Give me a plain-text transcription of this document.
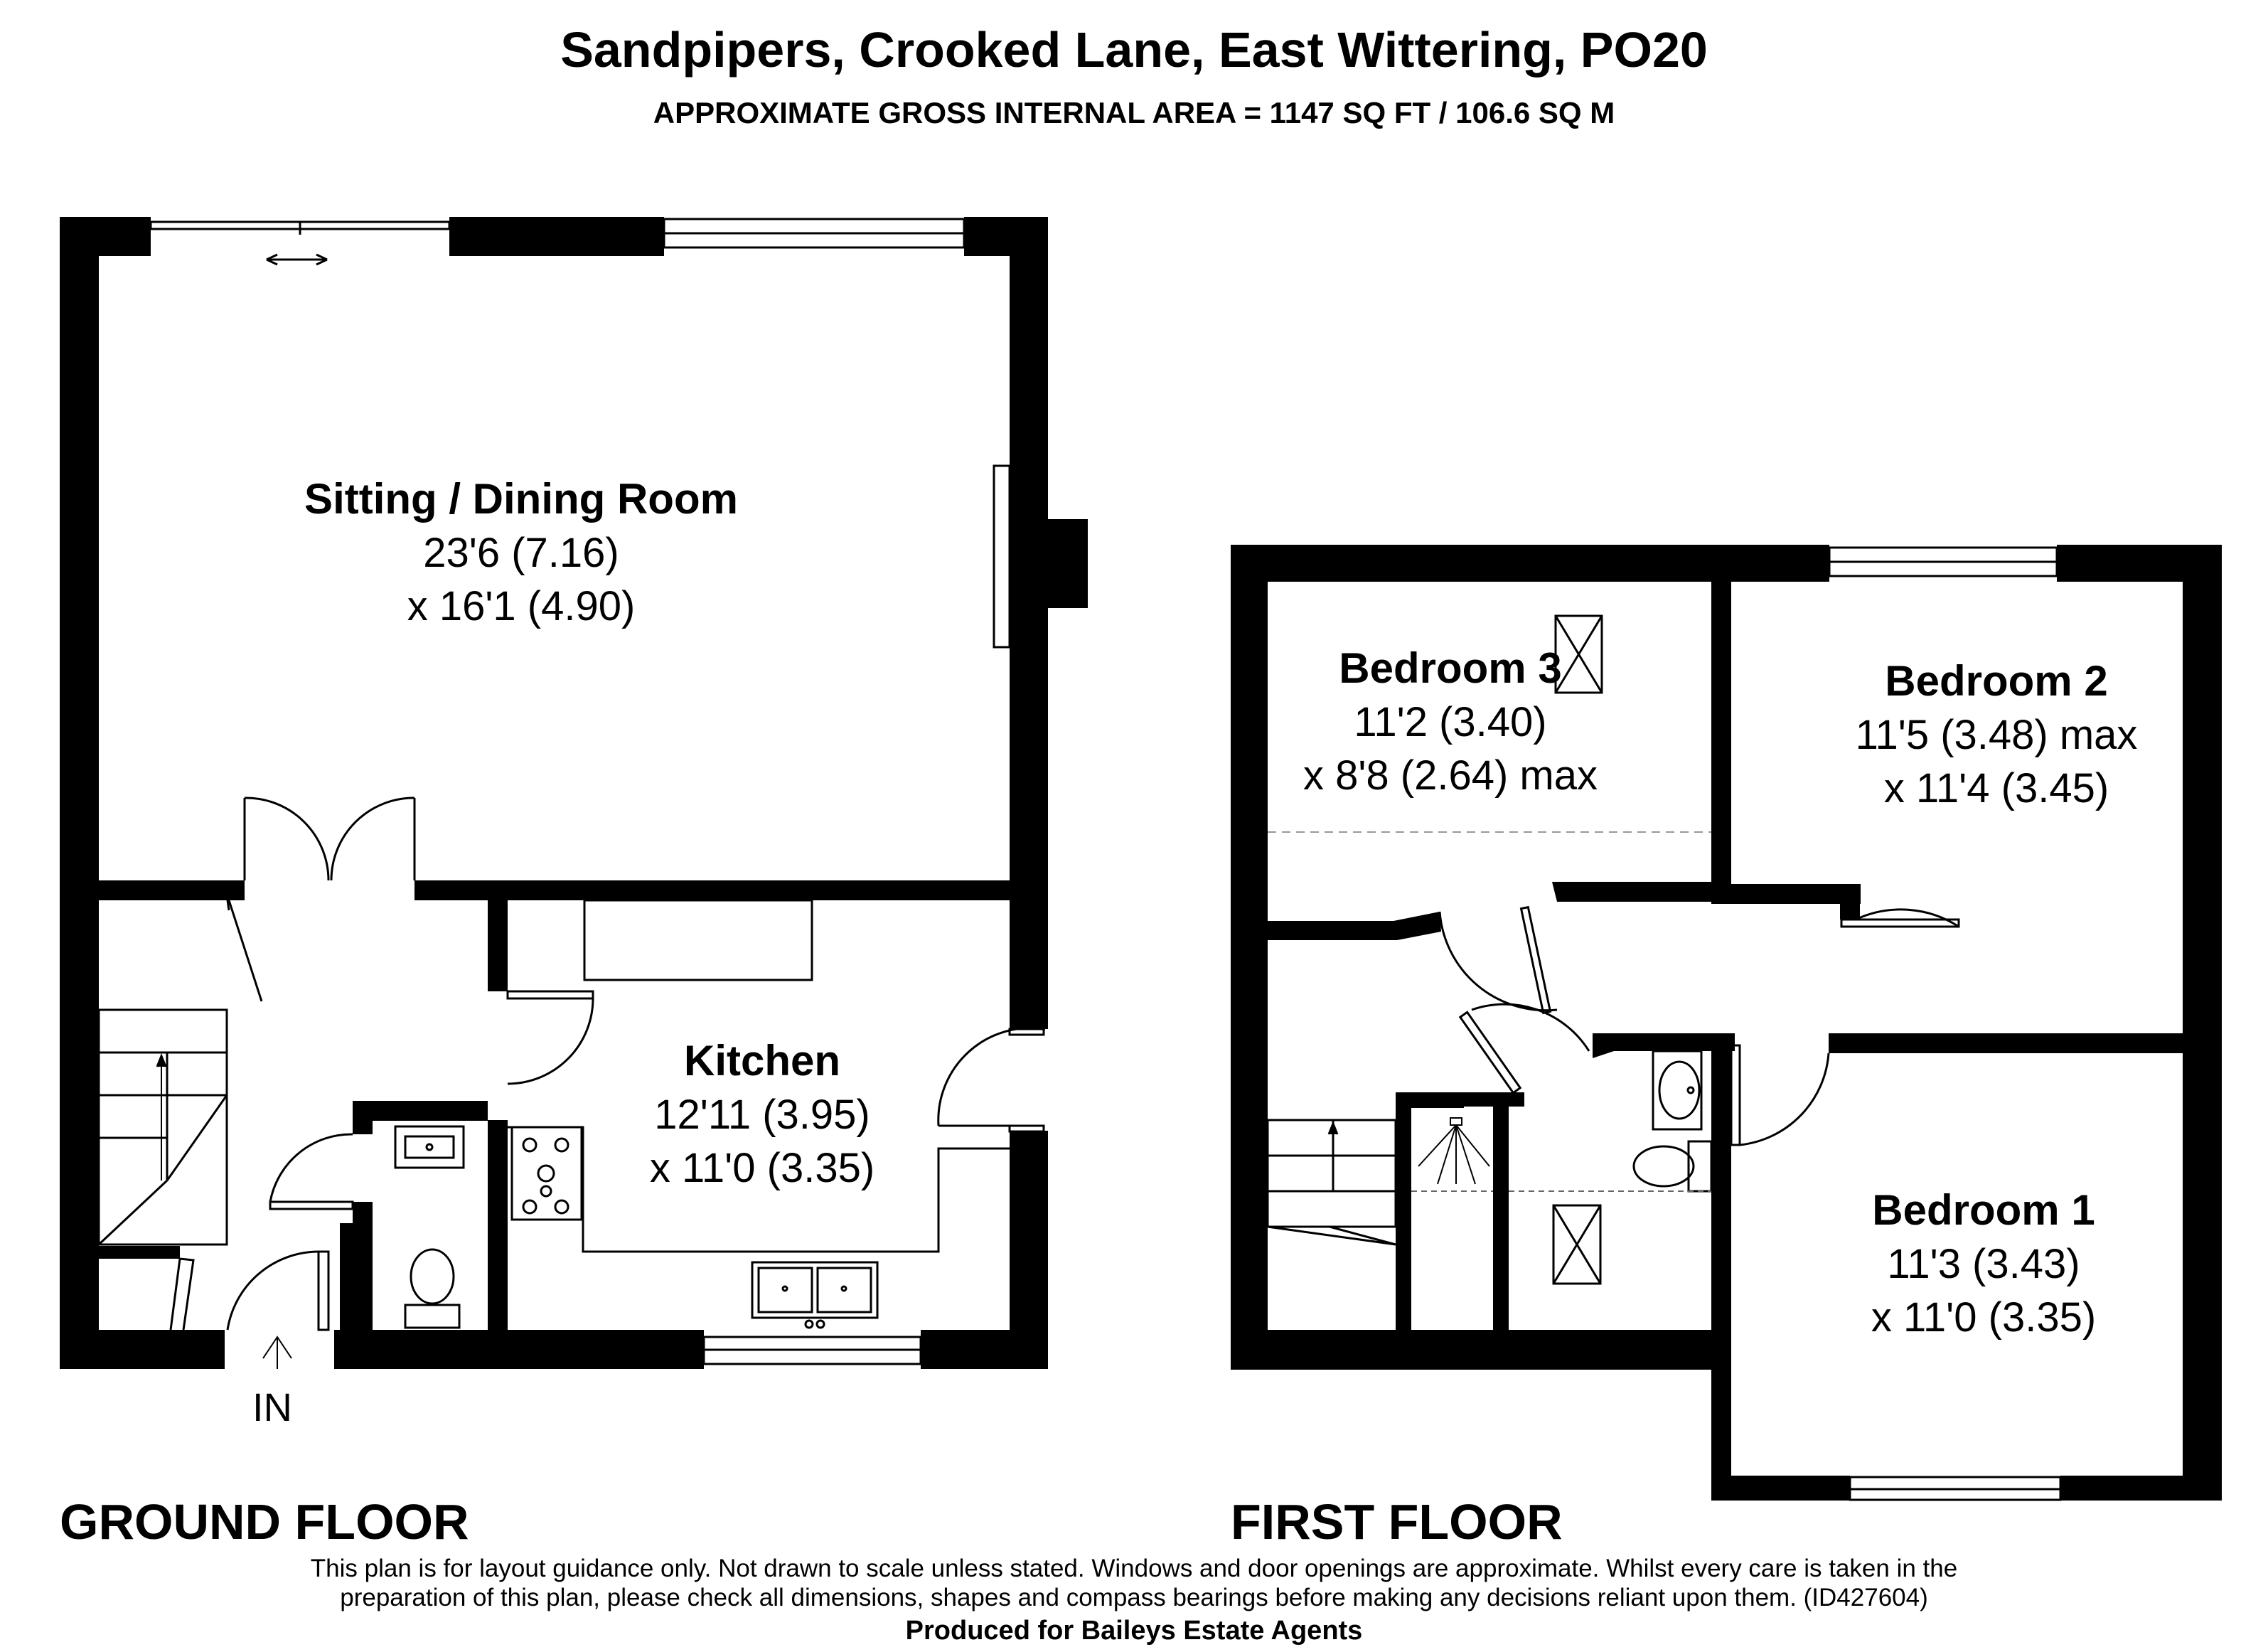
Sandpipers, Crooked Lane, East Wittering, PO20
APPROXIMATE GROSS INTERNAL AREA = 1147 SQ FT / 106.6 SQ M
Sitting / Dining Room
23'6 (7.16)
x 16'1 (4.90)
Kitchen
12'11 (3.95)
x 11'0 (3.35)
Bedroom 3
11'2 (3.40)
x 8'8 (2.64) max
Bedroom 2
11'5 (3.48) max
x 11'4 (3.45)
Bedroom 1
11'3 (3.43)
x 11'0 (3.35)
IN
GROUND FLOOR	FIRST FLOOR
This plan is for layout guidance only. Not drawn to scale unless stated. Windows and door openings are approximate. Whilst every care is taken in the
preparation of this plan, please check all dimensions, shapes and compass bearings before making any decisions reliant upon them. (ID427604)
Produced for Baileys Estate Agents
